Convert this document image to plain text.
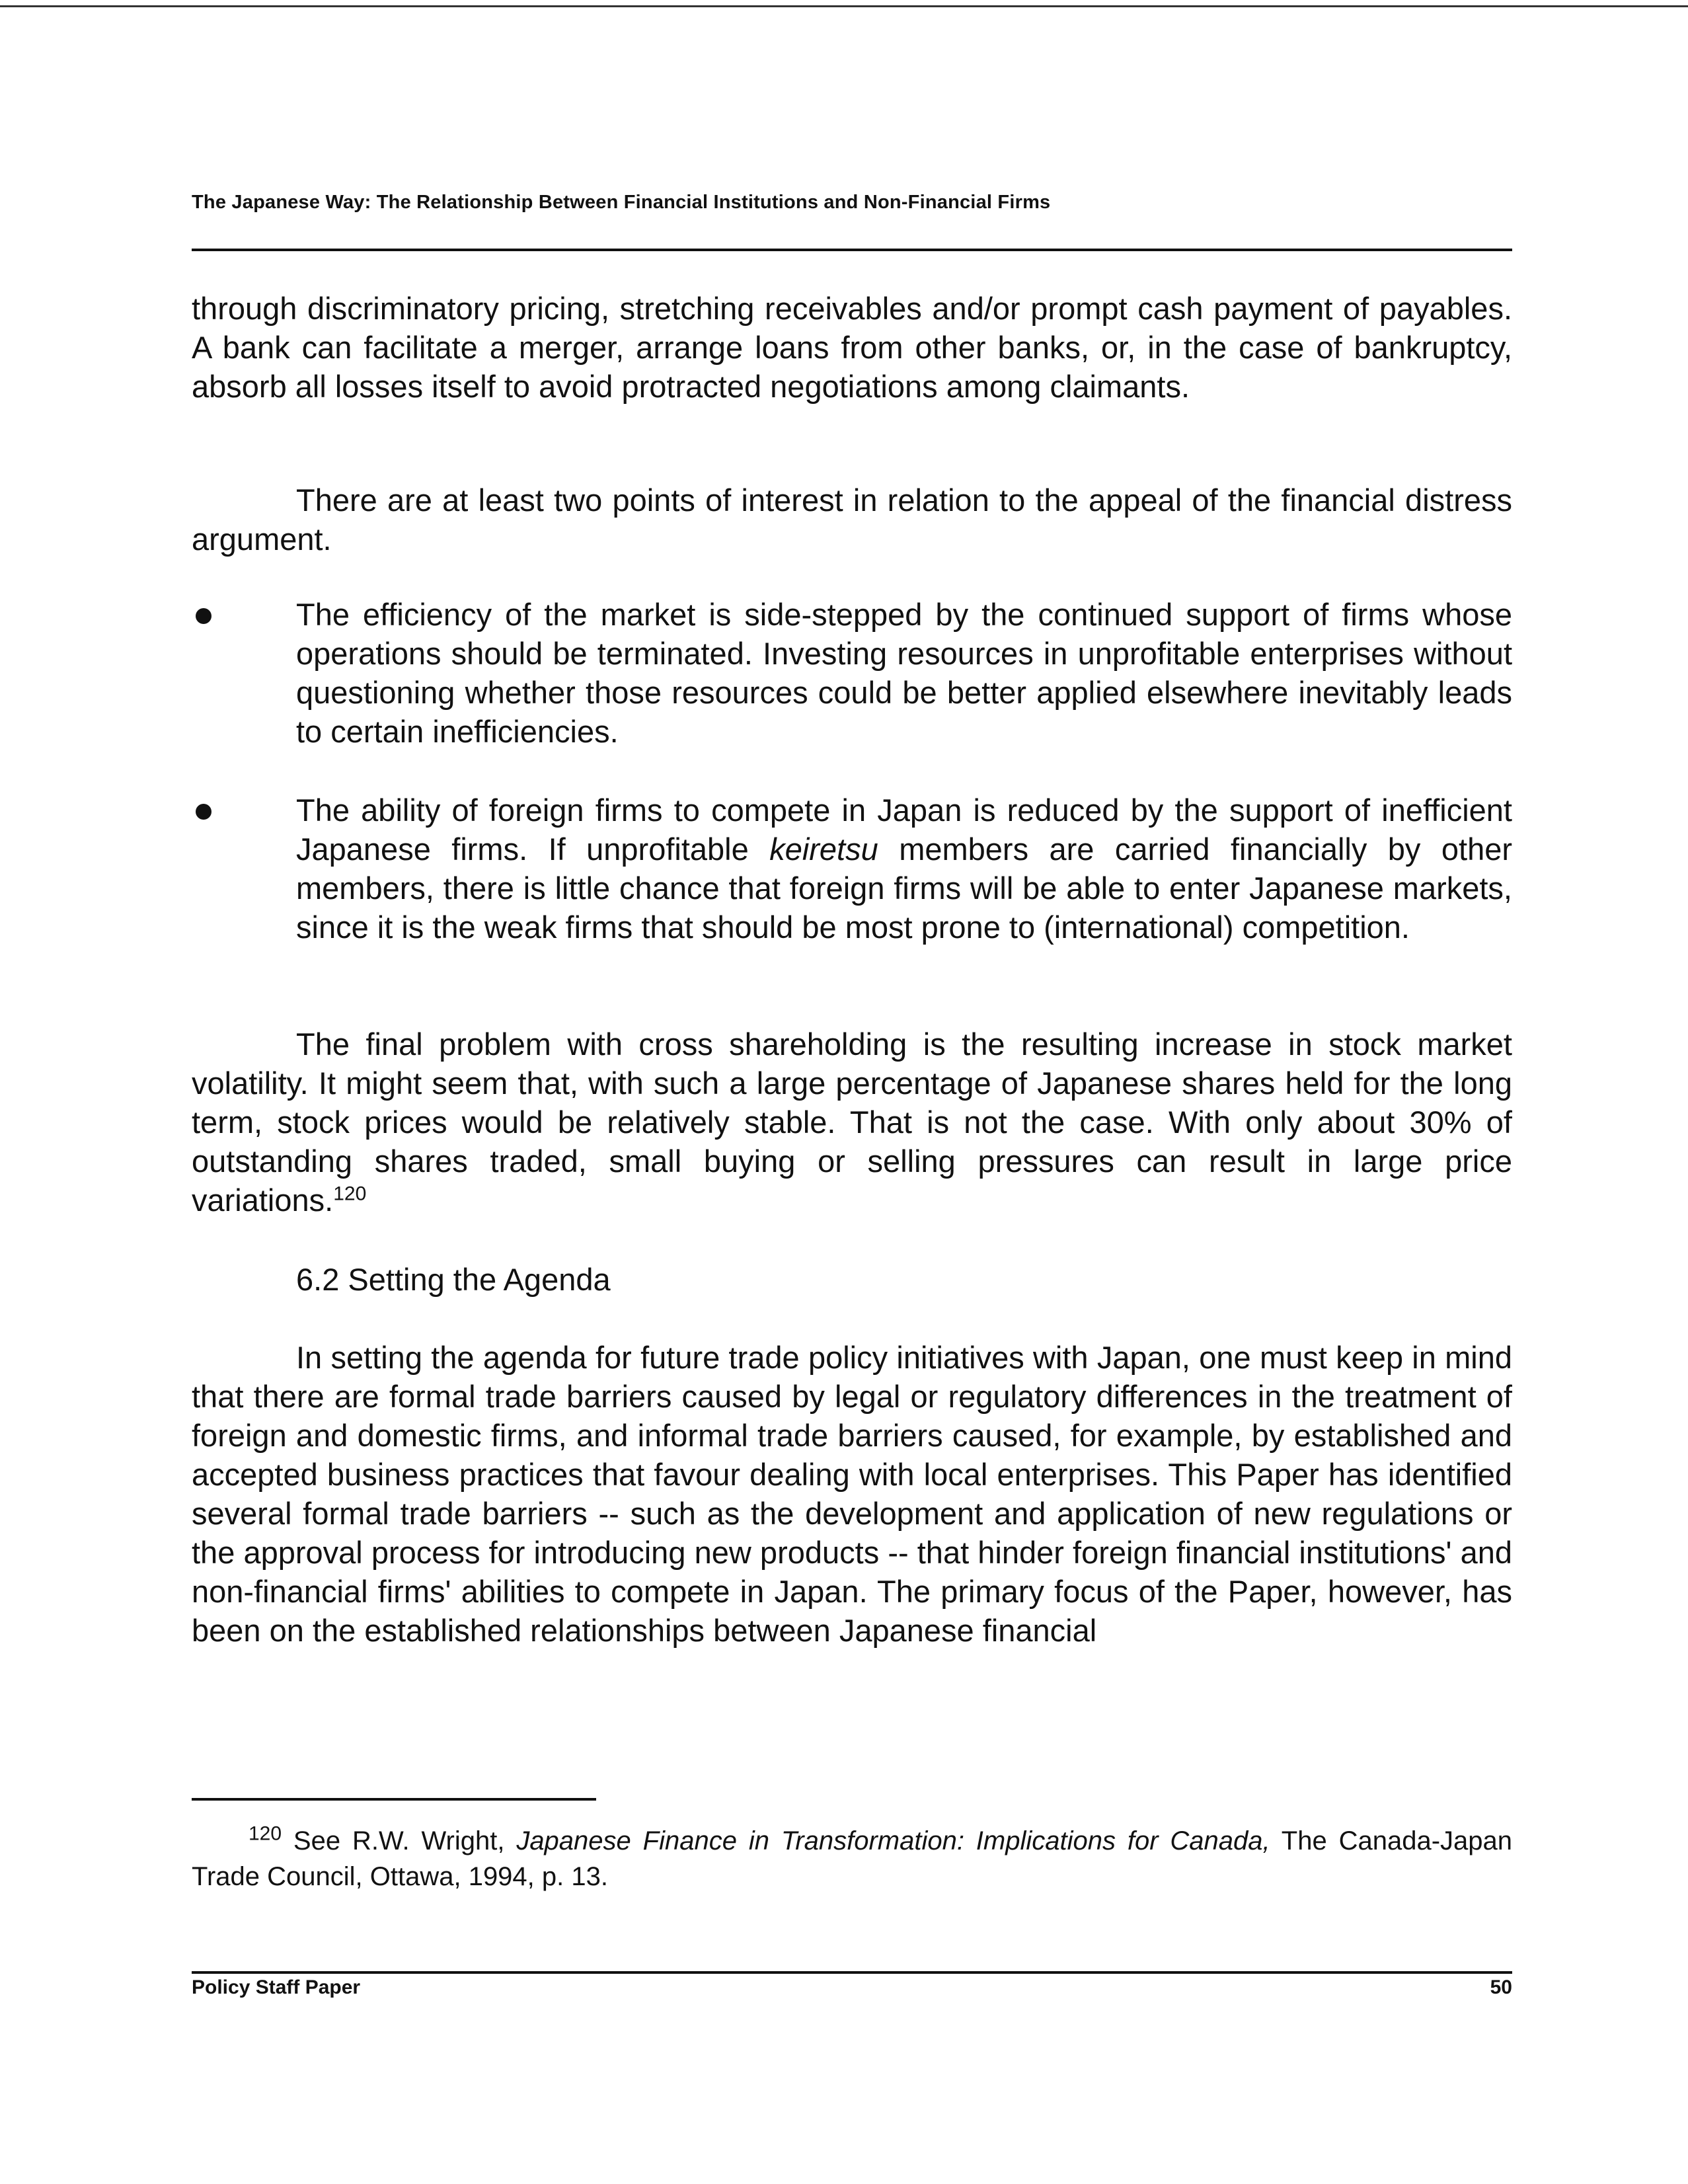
The Japanese Way: The Relationship Between Financial Institutions and Non-Financial Firms

through discriminatory pricing, stretching receivables and/or prompt cash payment of payables. A bank can facilitate a merger, arrange loans from other banks, or, in the case of bankruptcy, absorb all losses itself to avoid protracted negotiations among claimants.

There are at least two points of interest in relation to the appeal of the financial distress argument.

The efficiency of the market is side-stepped by the continued support of firms whose operations should be terminated. Investing resources in unprofitable enterprises without questioning whether those resources could be better applied elsewhere inevitably leads to certain inefficiencies.
The ability of foreign firms to compete in Japan is reduced by the support of inefficient Japanese firms. If unprofitable keiretsu members are carried financially by other members, there is little chance that foreign firms will be able to enter Japanese markets, since it is the weak firms that should be most prone to (international) competition.

The final problem with cross shareholding is the resulting increase in stock market volatility. It might seem that, with such a large percentage of Japanese shares held for the long term, stock prices would be relatively stable. That is not the case. With only about 30% of outstanding shares traded, small buying or selling pressures can result in large price variations.$^{120}$

6.2 Setting the Agenda

In setting the agenda for future trade policy initiatives with Japan, one must keep in mind that there are formal trade barriers caused by legal or regulatory differences in the treatment of foreign and domestic firms, and informal trade barriers caused, for example, by established and accepted business practices that favour dealing with local enterprises. This Paper has identified several formal trade barriers -- such as the development and application of new regulations or the approval process for introducing new products -- that hinder foreign financial institutions' and non-financial firms' abilities to compete in Japan. The primary focus of the Paper, however, has been on the established relationships between Japanese financial

$^{120}$ See R.W. Wright, Japanese Finance in Transformation: Implications for Canada, The Canada-Japan Trade Council, Ottawa, 1994, p. 13.
Policy Staff Paper	50
